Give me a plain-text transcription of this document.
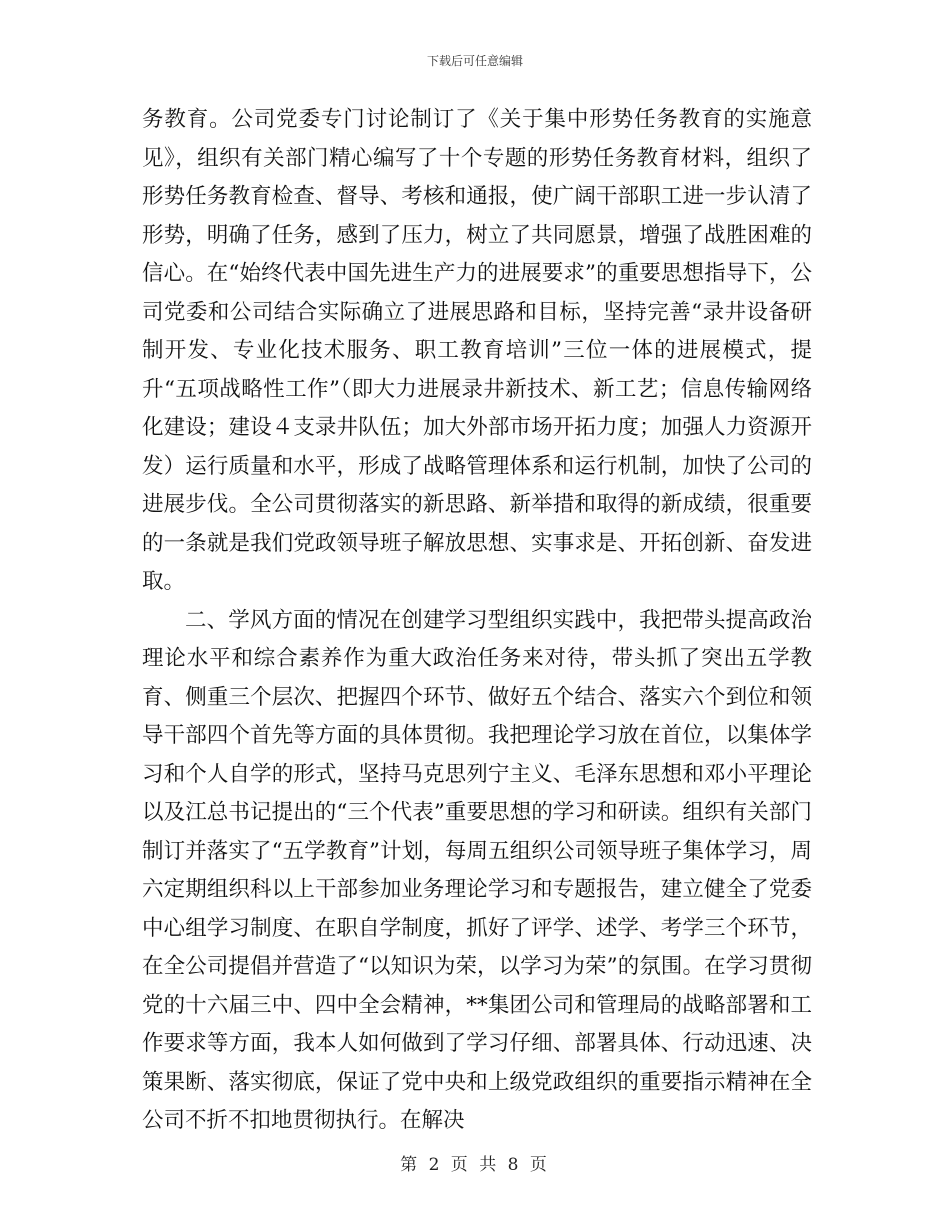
下载后可任意编辑

务教育。公司党委专门讨论制订了《关于集中形势任务教育的实施意见》，组织有关部门精心编写了十个专题的形势任务教育材料，组织了形势任务教育检查、督导、考核和通报，使广阔干部职工进一步认清了形势，明确了任务，感到了压力，树立了共同愿景，增强了战胜困难的信心。在“始终代表中国先进生产力的进展要求”的重要思想指导下，公司党委和公司结合实际确立了进展思路和目标，坚持完善“录井设备研制开发、专业化技术服务、职工教育培训”三位一体的进展模式，提升“五项战略性工作”（即大力进展录井新技术、新工艺；信息传输网络化建设；建设４支录井队伍；加大外部市场开拓力度；加强人力资源开发）运行质量和水平，形成了战略管理体系和运行机制，加快了公司的进展步伐。全公司贯彻落实的新思路、新举措和取得的新成绩，很重要的一条就是我们党政领导班子解放思想、实事求是、开拓创新、奋发进取。

二、学风方面的情况在创建学习型组织实践中，我把带头提高政治理论水平和综合素养作为重大政治任务来对待，带头抓了突出五学教育、侧重三个层次、把握四个环节、做好五个结合、落实六个到位和领导干部四个首先等方面的具体贯彻。我把理论学习放在首位，以集体学习和个人自学的形式，坚持马克思列宁主义、毛泽东思想和邓小平理论以及江总书记提出的“三个代表”重要思想的学习和研读。组织有关部门制订并落实了“五学教育”计划，每周五组织公司领导班子集体学习，周六定期组织科以上干部参加业务理论学习和专题报告，建立健全了党委中心组学习制度、在职自学制度，抓好了评学、述学、考学三个环节，在全公司提倡并营造了“以知识为荣，以学习为荣”的氛围。在学习贯彻党的十六届三中、四中全会精神，**集团公司和管理局的战略部署和工作要求等方面，我本人如何做到了学习仔细、部署具体、行动迅速、决策果断、落实彻底，保证了党中央和上级党政组织的重要指示精神在全公司不折不扣地贯彻执行。在解决

第 2 页 共 8 页
